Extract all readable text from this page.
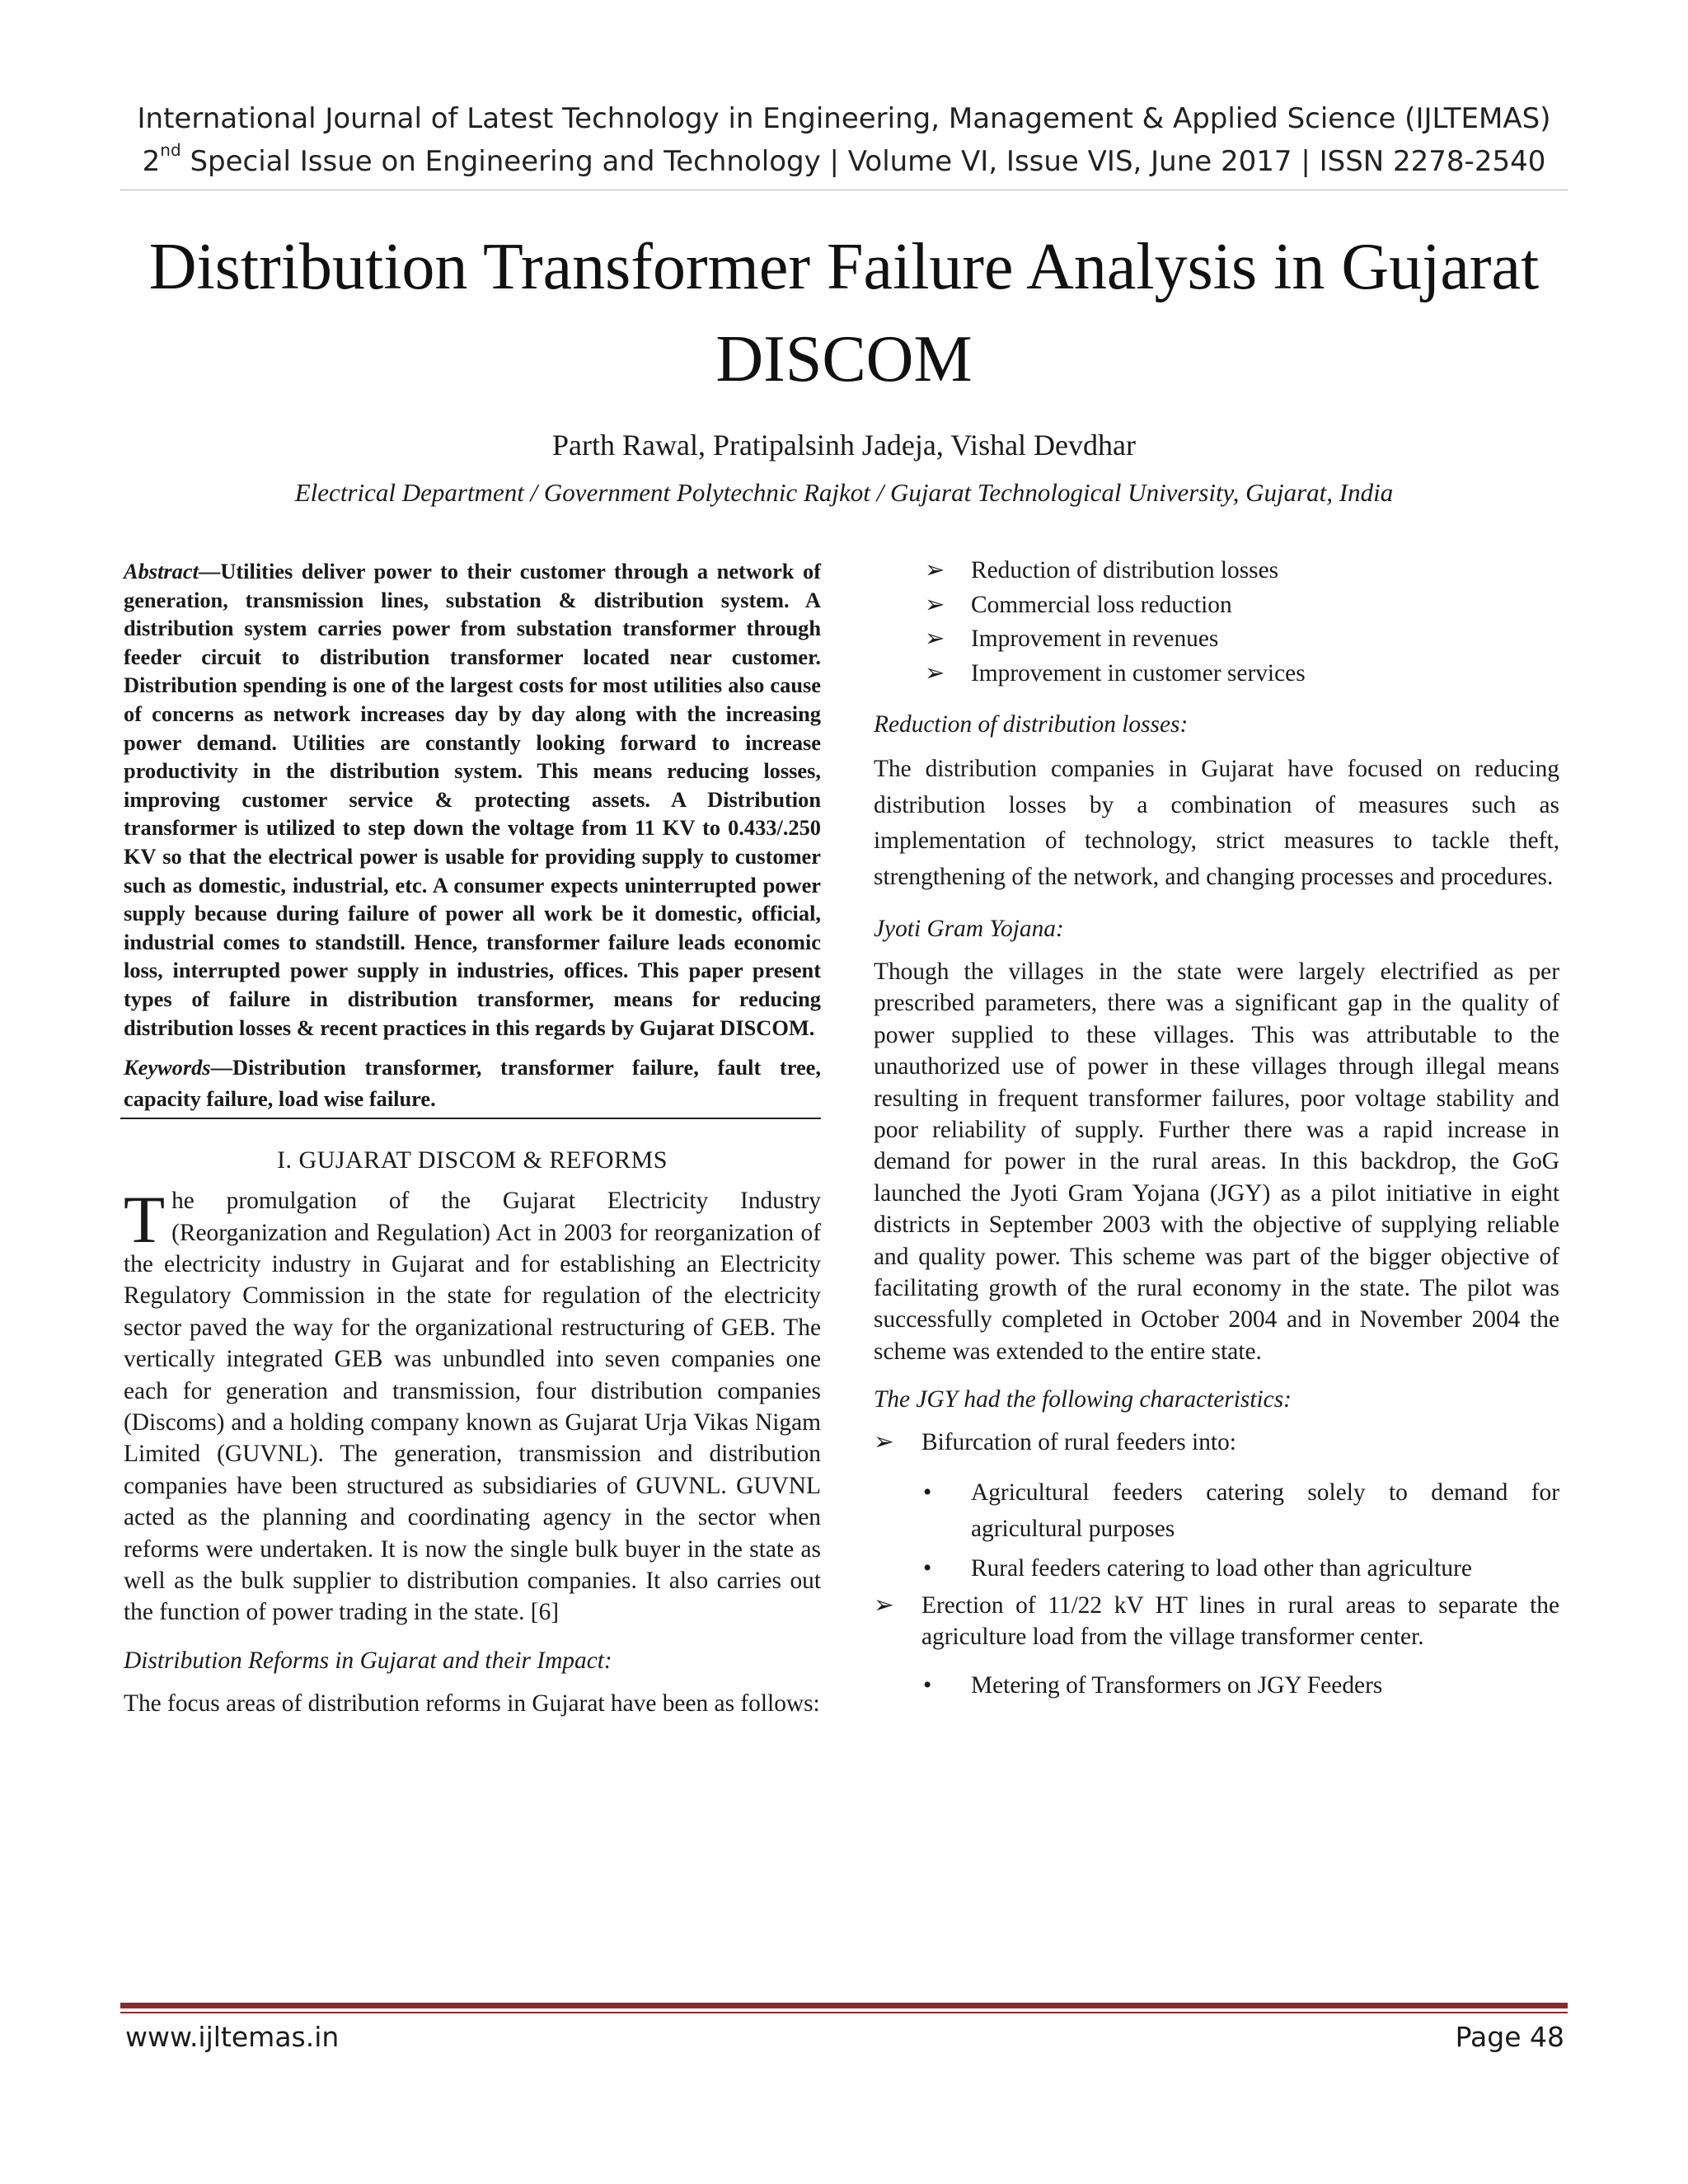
International Journal of Latest Technology in Engineering, Management & Applied Science (IJLTEMAS)
2nd Special Issue on Engineering and Technology | Volume VI, Issue VIS, June 2017 | ISSN 2278-2540
Distribution Transformer Failure Analysis in Gujarat DISCOM
Parth Rawal, Pratipalsinh Jadeja, Vishal Devdhar
Electrical Department / Government Polytechnic Rajkot / Gujarat Technological University, Gujarat, India

Abstract—Utilities deliver power to their customer through a network of generation, transmission lines, substation & distribution system. A distribution system carries power from substation transformer through feeder circuit to distribution transformer located near customer. Distribution spending is one of the largest costs for most utilities also cause of concerns as network increases day by day along with the increasing power demand. Utilities are constantly looking forward to increase productivity in the distribution system. This means reducing losses, improving customer service & protecting assets. A Distribution transformer is utilized to step down the voltage from 11 KV to 0.433/.250 KV so that the electrical power is usable for providing supply to customer such as domestic, industrial, etc. A consumer expects uninterrupted power supply because during failure of power all work be it domestic, official, industrial comes to standstill. Hence, transformer failure leads economic loss, interrupted power supply in industries, offices. This paper present types of failure in distribution transformer, means for reducing distribution losses & recent practices in this regards by Gujarat DISCOM.

Keywords—Distribution transformer, transformer failure, fault tree, capacity failure, load wise failure.

I. GUJARAT DISCOM & REFORMS

The promulgation of the Gujarat Electricity Industry (Reorganization and Regulation) Act in 2003 for reorganization of the electricity industry in Gujarat and for establishing an Electricity Regulatory Commission in the state for regulation of the electricity sector paved the way for the organizational restructuring of GEB. The vertically integrated GEB was unbundled into seven companies one each for generation and transmission, four distribution companies (Discoms) and a holding company known as Gujarat Urja Vikas Nigam Limited (GUVNL). The generation, transmission and distribution companies have been structured as subsidiaries of GUVNL. GUVNL acted as the planning and coordinating agency in the sector when reforms were undertaken. It is now the single bulk buyer in the state as well as the bulk supplier to distribution companies. It also carries out the function of power trading in the state. [6]

Distribution Reforms in Gujarat and their Impact:

The focus areas of distribution reforms in Gujarat have been as follows:

➢ Reduction of distribution losses
➢ Commercial loss reduction
➢ Improvement in revenues
➢ Improvement in customer services
Reduction of distribution losses:

The distribution companies in Gujarat have focused on reducing distribution losses by a combination of measures such as implementation of technology, strict measures to tackle theft, strengthening of the network, and changing processes and procedures.

Jyoti Gram Yojana:

Though the villages in the state were largely electrified as per prescribed parameters, there was a significant gap in the quality of power supplied to these villages. This was attributable to the unauthorized use of power in these villages through illegal means resulting in frequent transformer failures, poor voltage stability and poor reliability of supply. Further there was a rapid increase in demand for power in the rural areas. In this backdrop, the GoG launched the Jyoti Gram Yojana (JGY) as a pilot initiative in eight districts in September 2003 with the objective of supplying reliable and quality power. This scheme was part of the bigger objective of facilitating growth of the rural economy in the state. The pilot was successfully completed in October 2004 and in November 2004 the scheme was extended to the entire state.

The JGY had the following characteristics:
➢ Bifurcation of rural feeders into:
• Agricultural feeders catering solely to demand for agricultural purposes
• Rural feeders catering to load other than agriculture
➢ Erection of 11/22 kV HT lines in rural areas to separate the agriculture load from the village transformer center.
• Metering of Transformers on JGY Feeders
www.ijltemas.in	Page 48
